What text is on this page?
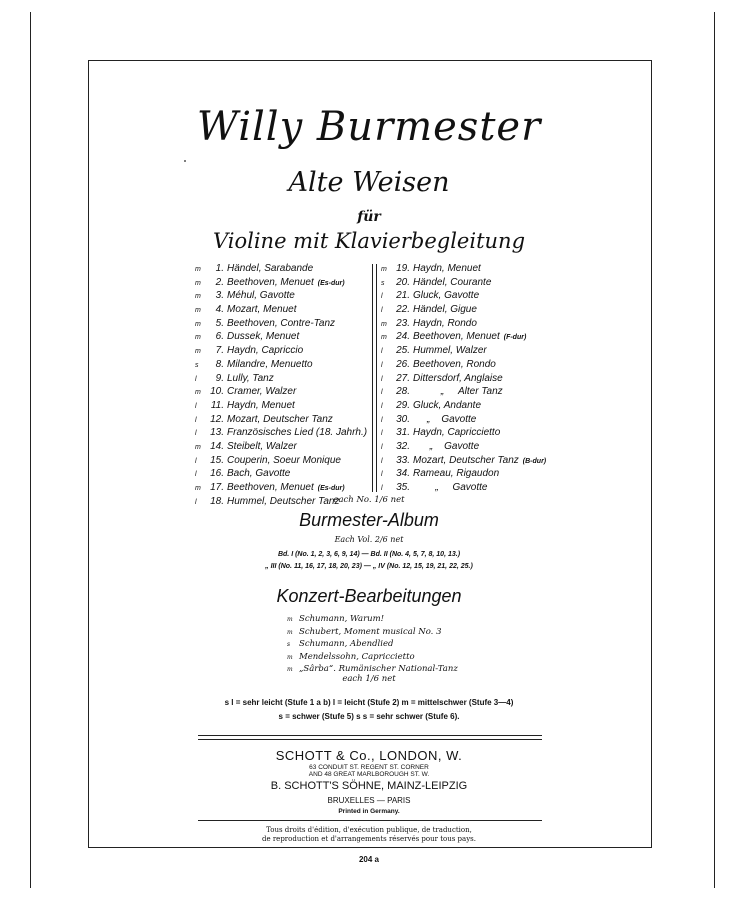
Willy Burmester
Alte Weisen
für
Violine mit Klavierbegleitung
m 1. Händel, Sarabande
m 2. Beethoven, Menuet (Es-dur)
m 3. Méhul, Gavotte
m 4. Mozart, Menuet
m 5. Beethoven, Contre-Tanz
m 6. Dussek, Menuet
m 7. Haydn, Capriccio
s 8. Milandre, Menuetto
l 9. Lully, Tanz
m 10. Cramer, Walzer
l 11. Haydn, Menuet
l 12. Mozart, Deutscher Tanz
l 13. Französisches Lied (18. Jahrh.)
m 14. Steibelt, Walzer
l 15. Couperin, Soeur Monique
l 16. Bach, Gavotte
m 17. Beethoven, Menuet (Es-dur)
l 18. Hummel, Deutscher Tanz
m 19. Haydn, Menuet
s 20. Händel, Courante
l 21. Gluck, Gavotte
l 22. Händel, Gigue
m 23. Haydn, Rondo
m 24. Beethoven, Menuet (F-dur)
l 25. Hummel, Walzer
l 26. Beethoven, Rondo
l 27. Dittersdorf, Anglaise
l 28.          „     Alter Tanz
l 29. Gluck, Andante
l 30.     „    Gavotte
l 31. Haydn, Capriccietto
l 32.      „    Gavotte
l 33. Mozart, Deutscher Tanz (B-dur)
l 34. Rameau, Rigaudon
l 35.        „     Gavotte
each No. 1/6 net
Burmester-Album
Each Vol. 2/6 net
Bd. I (No. 1, 2, 3, 6, 9, 14) — Bd. II (No. 4, 5, 7, 8, 10, 13.)
„ III (No. 11, 16, 17, 18, 20, 23) — „ IV (No. 12, 15, 19, 21, 22, 25.)
Konzert-Bearbeitungen
m Schumann, Warum!
m Schubert, Moment musical No. 3
s Schumann, Abendlied
m Mendelssohn, Capriccietto
m „Sârba“. Rumänischer National-Tanz
each 1/6 net
s l = sehr leicht (Stufe 1 a b) l = leicht (Stufe 2) m = mittelschwer (Stufe 3—4)
s = schwer (Stufe 5) s s = sehr schwer (Stufe 6).
SCHOTT & Co., LONDON, W.
63 CONDUIT ST. REGENT ST. CORNER
AND 48 GREAT MARLBOROUGH ST. W.
B. SCHOTT'S SÖHNE, MAINZ-LEIPZIG
BRUXELLES — PARIS
Printed in Germany.
Tous droits d'édition, d'exécution publique, de traduction,
de reproduction et d'arrangements réservés pour tous pays.
204 a
